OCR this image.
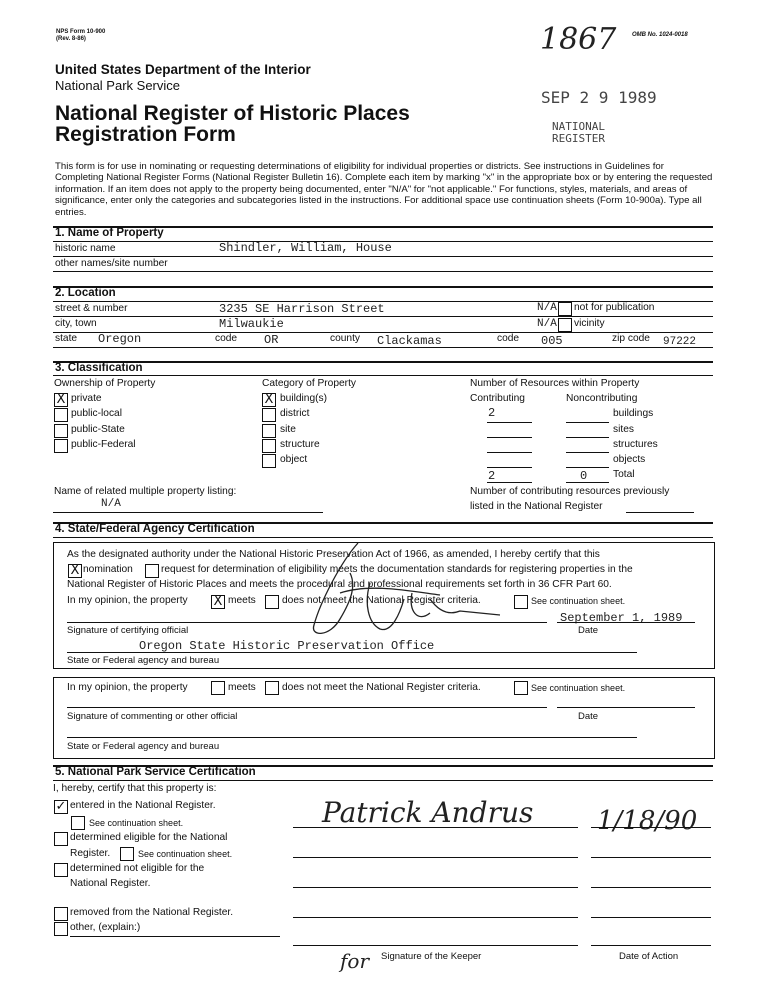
NPS Form 10-900
(Rev. 8-86)
OMB No. 1024-0018
1867
United States Department of the Interior
National Park Service
National Register of Historic Places
Registration Form
SEP 2 9 1989
NATIONAL
REGISTER
This form is for use in nominating or requesting determinations of eligibility for individual properties or districts. See instructions in Guidelines for Completing National Register Forms (National Register Bulletin 16). Complete each item by marking "x" in the appropriate box or by entering the requested information. If an item does not apply to the property being documented, enter "N/A" for "not applicable." For functions, styles, materials, and areas of significance, enter only the categories and subcategories listed in the instructions. For additional space use continuation sheets (Form 10-900a). Type all entries.
1. Name of Property
historic name	Shindler, William, House
other names/site number
2. Location
street & number	3235 SE Harrison Street	N/A not for publication
city, town	Milwaukie	N/A vicinity
state Oregon	code OR	county Clackamas	code 005	zip code 97222
3. Classification
Ownership of Property
X private
public-local
public-State
public-Federal
Category of Property
X building(s)
district
site
structure
object
Number of Resources within Property
Contributing	Noncontributing
2	buildings
sites
structures
objects
2	0	Total
Name of related multiple property listing:
N/A
Number of contributing resources previously
listed in the National Register
4. State/Federal Agency Certification
As the designated authority under the National Historic Preservation Act of 1966, as amended, I hereby certify that this
X nomination	request for determination of eligibility meets the documentation standards for registering properties in the
National Register of Historic Places and meets the procedural and professional requirements set forth in 36 CFR Part 60.
In my opinion, the property X meets	does not meet the National Register criteria.	See continuation sheet.
September 1, 1989
Signature of certifying official	Date
Oregon State Historic Preservation Office
State or Federal agency and bureau
In my opinion, the property	meets	does not meet the National Register criteria.	See continuation sheet.
Signature of commenting or other official	Date
State or Federal agency and bureau
5. National Park Service Certification
I, hereby, certify that this property is:
✓ entered in the National Register.
See continuation sheet.	Patrick Andrus 1/18/90
determined eligible for the National
Register.	See continuation sheet.
determined not eligible for the
National Register.
removed from the National Register.
other, (explain:)
for Signature of the Keeper	Date of Action
